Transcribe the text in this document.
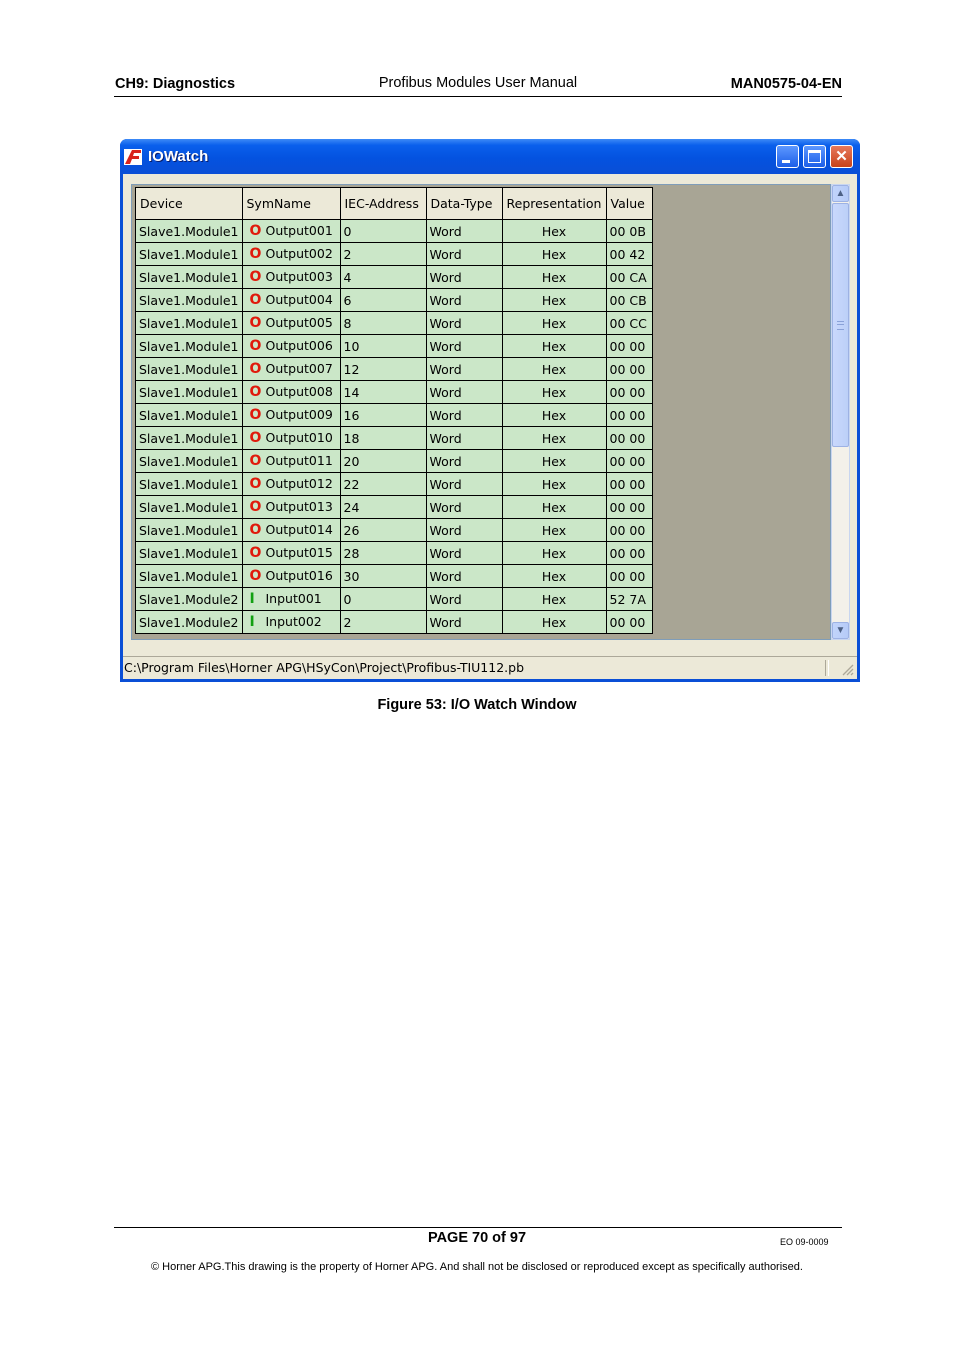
CH9: Diagnostics	Profibus Modules User Manual	MAN0575-04-EN
IOWatch	✕
Device	SymName	IEC-Address	Data-Type	Representation	Value
Slave1.Module1	O Output001	0	Word	Hex	00 0B
Slave1.Module1	O Output002	2	Word	Hex	00 42
Slave1.Module1	O Output003	4	Word	Hex	00 CA
Slave1.Module1	O Output004	6	Word	Hex	00 CB
Slave1.Module1	O Output005	8	Word	Hex	00 CC
Slave1.Module1	O Output006	10	Word	Hex	00 00
Slave1.Module1	O Output007	12	Word	Hex	00 00
Slave1.Module1	O Output008	14	Word	Hex	00 00
Slave1.Module1	O Output009	16	Word	Hex	00 00
Slave1.Module1	O Output010	18	Word	Hex	00 00
Slave1.Module1	O Output011	20	Word	Hex	00 00
Slave1.Module1	O Output012	22	Word	Hex	00 00
Slave1.Module1	O Output013	24	Word	Hex	00 00
Slave1.Module1	O Output014	26	Word	Hex	00 00
Slave1.Module1	O Output015	28	Word	Hex	00 00
Slave1.Module1	O Output016	30	Word	Hex	00 00
Slave1.Module2	I Input001	0	Word	Hex	52 7A
Slave1.Module2	I Input002	2	Word	Hex	00 00
▲
▼
C:\Program Files\Horner APG\HSyCon\Project\Profibus-TIU112.pb
Figure 53: I/O Watch Window
PAGE 70 of 97	EO 09-0009
© Horner APG.This drawing is the property of Horner APG. And shall not be disclosed or reproduced except as specifically authorised.
